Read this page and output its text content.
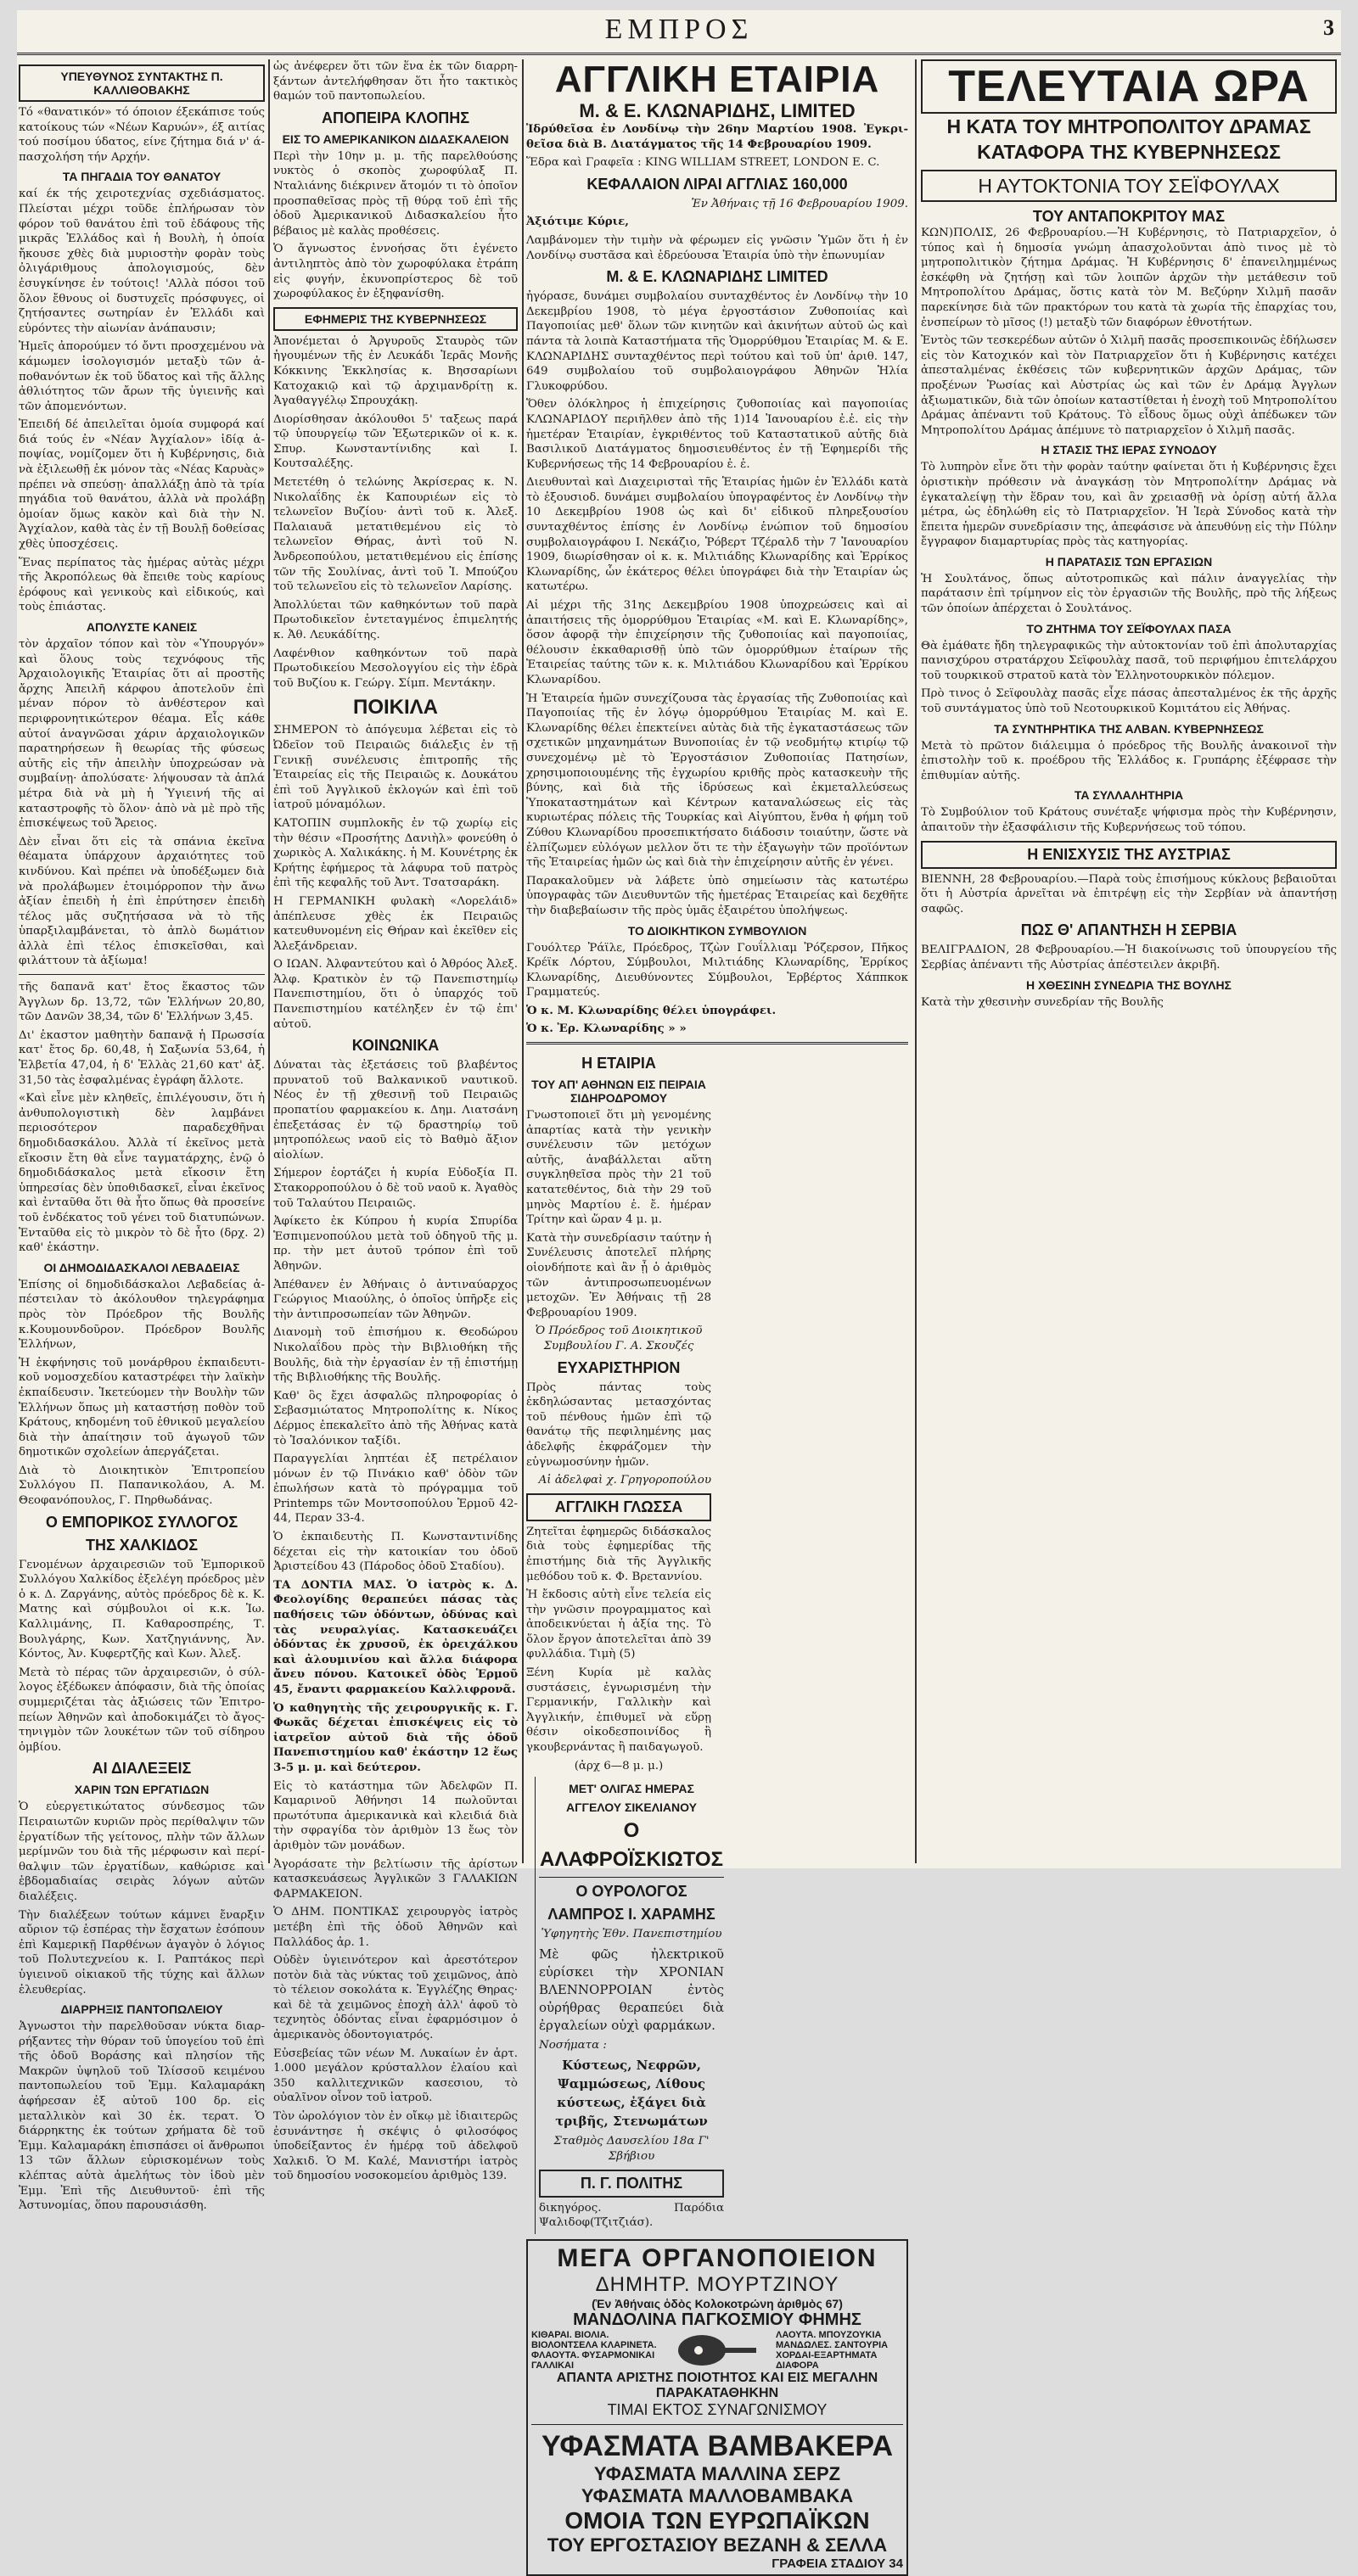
ΕΜΠΡΟΣ	3
ΥΠΕΥΘΥΝΟΣ ΣΥΝΤΑΚΤΗΣ Π. ΚΑΛΛΙΘΟΒΑΚΗΣ

Τό «θανατικόν» τό όποιον έξεκάπισε τούς κατοίκους τών «Νέων Καρυών», έξ αιτίας τού ποσίμου ύδατος, είνε ζήτημα διά ν' άπασχολήση τήν Αρχήν.

ΤΑ ΠΗΓΑΔΙΑ ΤΟΥ ΘΑΝΑΤΟΥ

καί έκ τής χειροτεχνίας σχεδιάσματος. Πλείσται μέχρι τοῦδε ἐπλήρωσαν τὸν φόρον τοῦ θανάτου ἐπὶ τοῦ ἐδάφους τῆς μικρᾶς Ἑλλάδος καὶ ἡ Βουλὴ, ἡ ὁποία ἤκουσε χθὲς διὰ μυριοστὴν φορὰν τοὺς ὀλιγάριθμους ἀπολογισμούς, δὲν ἐσυγκίνησε ἐν τούτοις! 'Αλλὰ πόσοι τοῦ ὄλον ἔθνους οἱ δυστυχεῖς πρόσφυγες, οἱ ζητήσαντες σωτηρίαν ἐν Ἑλλάδι καὶ εὑρόντες τὴν αἰωνίαν ἀνάπαυσιν;

Ἡμεῖς ἀπορούμεν τό ὄντι προσχεμένου νὰ κάμωμεν ἰσολογισμόν μεταξὺ τῶν ἀποθανόντων ἐκ τοῦ ὕδατος καὶ τῆς ἄλλης ἀθλιότητος τῶν ἄρων τῆς ὑγιεινῆς καὶ τῶν ἀπομενόντων.

Ἐπειδή δέ ἀπειλεῖται ὁμοία συμφορά καί διά τούς ἐν «Νέαν Ἀγχίαλον» ἰδίᾳ ἀποψίας, νομίζομεν ὅτι ἡ Κυβέρνησις, διὰ νὰ ἐξιλεωθῇ ἐκ μόνον τὰς «Νέας Καρυὰς» πρέπει νὰ σπεύσῃ· ἀπαλλάξῃ ἀπὸ τὰ τρία πηγάδια τοῦ θανάτου, ἀλλὰ νὰ προλάβῃ ὁμοίαν ὅμως κακὸν καὶ διὰ τὴν Ν. Ἀγχίαλον, καθὰ τὰς ἐν τῇ Βουλῇ δοθείσας χθὲς ὑποσχέσεις.

Ἕνας περίπατος τὰς ἡμέρας αὐτὰς μέχρι τῆς Ἀκροπόλεως θὰ ἔπειθε τοὺς καρίους ἐρόφους καὶ γενικοὺς καὶ εἰδικούς, καὶ τοὺς ἐπιάστας.

ΑΠΟΛΥΣΤΕ ΚΑΝΕΙΣ

τὸν ἀρχαῖον τόπον καὶ τὸν «Ὑπουργόν» καὶ ὅλους τοὺς τεχνόφους τῆς Ἀρχαιολογικῆς Ἑταιρίας ὅτι αἱ προστῆς ἄρχης Ἀπειλῆ κάρφου ἀποτελοῦν ἐπὶ μέναν πόρον τὸ ἀνθέστερον καὶ περιφρονητικώτερον θέαμα. Εἷς κάθε αὐτοί ἀναγνῶσαι χάριν ἀρχαιολογικῶν παρατηρήσεων ἢ θεωρίας τῆς φύσεως αὐτῆς εἰς τῆν ἀπειλὴν ὑποχρεώσαν νὰ συμβαίνῃ· ἀπολύσατε· λήψουσαν τὰ ἀπλά μέτρα διὰ νὰ μὴ ἡ Ὑγιεινή τῆς αἱ καταστροφῆς τὸ ὅλον· ἀπὸ νὰ μὲ πρὸ τῆς ἐπισκέψεως τοῦ Ἄρειος.

Δὲν εἶναι ὅτι εἰς τὰ σπάνια ἐκεῖνα θέαματα ὑπάρχουν ἀρχαιότητες τοῦ κινδύνου. Καὶ πρέπει νὰ ὑποδέξωμεν διὰ νὰ προλάβωμεν ἑτοιμόρροπον τὴν ἄνω ἀξίαν ἐπειδὴ ἡ ἐπὶ ἐπρύτησεν ἐπειδὴ τέλος μᾶς συζητήσασα νὰ τὸ τῆς ὑπαρξιλαμβάνεται, τὸ ἀπλὸ δωμάτιον ἀλλὰ ἐπὶ τέλος ἐπισκεῖσθαι, καὶ φιλάττουν τὰ ἀξίωμα!

τῆς δαπανᾶ κατ' ἔτος ἕκαστος τῶν Ἀγγλων δρ. 13,72, τῶν Ἑλλήνων 20,80, τῶν Δανῶν 38,34, τῶν δ' Ἑλλήνων 3,45.

Δι' ἑκαστον μαθητὴν δαπανᾷ ἡ Πρωσσία κατ' ἔτος δρ. 60,48, ἡ Σαξωνία 53,64, ἡ Ἑλβετία 47,04, ἡ δ' Ἑλλὰς 21,60 κατ' ἀξ. 31,50 τὰς ἐσφαλμένας ἐγράφη ἄλλοτε.

«Καὶ εἶνε μὲν κληθεῖς, ἐπιλέγουσιν, ὅτι ἡ ἀνθυπολογιστικὴ δὲν λαμβάνει περιοσότερον παραδεχθῆναι δημοδιδασκάλου. Ἀλλὰ τί ἐκεῖνος μετὰ εἴκοσιν ἔτη θὰ εἶνε ταγματάρχης, ἐνῷ ὁ δημοδιδάσκαλος μετὰ εἴκοσιν ἔτη ὑπηρεσίας δὲν ὑποθιδασκεῖ, εἶναι ἐκεῖνος καὶ ἐνταῦθα ὅτι θὰ ἦτο ὅπως θὰ προσείνε τοῦ ἐνδέκατος τοῦ γένει τοῦ διατυπώνων. Ἐνταῦθα εἰς τὸ μικρὸν τὸ δὲ ἦτο (δρχ. 2) καθ' ἑκάστην.

ΟΙ ΔΗΜΟΔΙΔΑΣΚΑΛΟΙ ΛΕΒΑΔΕΙΑΣ

Ἐπίσης οἱ δημοδιδάσκαλοι Λεβαδείας ἀπέστειλαν τὸ ἀκόλουθον τηλεγράφημα πρὸς τὸν Πρόεδρον τῆς Βουλῆς κ.Κουμουνδοῦρον. Πρόεδρον Βουλῆς Ἑλλήνων,

Ἡ ἐκφήνησις τοῦ μονάρθρου ἐκπαιδευτικοῦ νομοσχεδίου καταστρέφει τὴν λαϊκὴν ἐκπαίδευσιν. Ἱκετεύομεν τὴν Βουλὴν τῶν Ἑλλήνων ὅπως μὴ καταστήσῃ ποθὸν τοῦ Κράτους, κηδομένη τοῦ ἐθνικοῦ μεγαλείου διὰ τὴν ἀπαίτησιν τοῦ ἀγωγοῦ τῶν δημοτικῶν σχολείων ἀπεργάζεται.

Διὰ τὸ Διοικητικὸν Ἐπιτροπείου Συλλόγου Π. Παπανικολάου, Α. Μ. Θεοφανόπουλος, Γ. Πηρθωδάνας.

Ο ΕΜΠΟΡΙΚΟΣ ΣΥΛΛΟΓΟΣ
ΤΗΣ ΧΑΛΚΙΔΟΣ

Γενομένων ἀρχαιρεσιῶν τοῦ Ἐμπορικοῦ Συλλόγου Χαλκίδος ἐξελέγη πρόεδρος μὲν ὁ κ. Δ. Ζαργάνης, αὐτὸς πρόεδρος δὲ κ. Κ. Ματης καὶ σύμβουλοι οἱ κ.κ. Ἰω. Καλλιμάνης, Π. Καθαροσπρέης, Τ. Βουλγάρης, Κων. Χατζηγιάννης, Ἀν. Κόντος, Ἀν. Κυφερτζῆς καὶ Κων. Ἀλεξ.

Μετὰ τὸ πέρας τῶν ἀρχαιρεσιῶν, ὁ σύλλογος ἐξέδωκεν ἀπόφασιν, διὰ τῆς ὁποίας συμμεριζέται τὰς ἀξιώσεις τῶν Ἐπιτροπείων Ἀθηνῶν καὶ ἀποδοκιμάζει τὸ ἄγοςτηνιγμὸν τῶν λουκέτων τῶν τοῦ σίδηρου ὁμβίου.

ΑΙ ΔΙΑΛΕΞΕΙΣ
ΧΑΡΙΝ ΤΩΝ ΕΡΓΑΤΙΔΩΝ

Ὁ εὐεργετικώτατος σύνδεσμος τῶν Πειραιωτῶν κυριῶν πρὸς περίθαλψιν τῶν ἐργατίδων τῆς γείτονος, πλὴν τῶν ἄλλων μερίμνῶν του διὰ τῆς μέρφωσιν καὶ περίθαλψιν τῶν ἐργατίδων, καθώρισε καὶ ἑβδομαδιαίας σειρὰς λόγων αὐτῶν διαλέξεις.

Τὴν διαλέξεων τούτων κάμνει ἔναρξιν αὔριον τῷ ἑσπέρας τὴν ἔσχατων ἐσόπουν ἐπὶ Καμερικῇ Παρθένων ἀγαγὸν ὁ λόγιος τοῦ Πολυτεχνείου κ. Ι. Ραπτάκος περὶ ὑγιεινοῦ οἰκιακοῦ τῆς τύχης καὶ ἄλλων ἐλευθερίας.

ΔΙΑΡΡΗΞΙΣ ΠΑΝΤΟΠΩΛΕΙΟΥ

Ἀγνωστοι τὴν παρελθοῦσαν νύκτα διαρρήξαντες τὴν θύραν τοῦ ὑπογείου τοῦ ἐπὶ τῆς ὁδοῦ Βοράσης καὶ πλησίον τῆς Μακρῶν ὑψηλοῦ τοῦ Ἰλίσσοῦ κειμένου παντοπωλείου τοῦ Ἐμμ. Καλαμαράκη ἀφήρεσαν ἐξ αὐτοῦ 100 δρ. εἰς μεταλλικὸν καὶ 30 ἐκ. τερατ. Ὁ διάρρηκτης ἐκ τούτων χρήματα δὲ τοῦ Ἐμμ. Καλαμαράκη ἐπισπάσει οἱ ἄνθρωποι 13 τῶν ἄλλων εὐρισκομένων τοὺς κλέπτας αὐτὰ ἀμελήτως τὸν ἰδοὺ μὲν Ἐμμ. Ἐπὶ τῆς Διευθυντοῦ· ἐπὶ τῆς Ἀστυνομίας, ὅπου παρουσιάσθη.

ὡς ἀνέφερεν ὅτι τῶν ἕνα ἐκ τῶν διαρρηξάντων ἀντελήφθησαν ὅτι ἦτο τακτικὸς θαμών τοῦ παντοπωλείου.

ΑΠΟΠΕΙΡΑ ΚΛΟΠΗΣ
ΕΙΣ ΤΟ ΑΜΕΡΙΚΑΝΙΚΟΝ ΔΙΔΑΣΚΑΛΕΙΟΝ

Περὶ τὴν 10ην μ. μ. τῆς παρελθούσης νυκτὸς ὁ σκοπὸς χωροφύλαξ Π. Νταλιάνης διέκρινεν ἄτομόν τι τὸ ὁποῖον προσπαθεῖσας πρὸς τῇ θύρᾳ τοῦ ἐπὶ τῆς ὁδοῦ Ἀμερικανικοῦ Διδασκαλείου ἦτο βέβαιος μὲ καλὰς προθέσεις.

Ὁ ἄγνωστος ἐννοήσας ὅτι ἐγένετο ἀντιληπτὸς ἀπὸ τὸν χωροφύλακα ἐτράπη εἰς φυγήν, ἐκυνοπρίστερος δὲ τοῦ χωροφύλακος ἐν ἐξηφανίσθη.

ΕΦΗΜΕΡΙΣ ΤΗΣ ΚΥΒΕΡΝΗΣΕΩΣ

Ἀπονέμεται ὁ Ἀργυροῦς Σταυρὸς τῶν ἡγουμένων τῆς ἐν Λευκάδι Ἱερᾶς Μονῆς Κόκκινης Ἐκκλησίας κ. Βησσαρίωνι Κατοχακιῷ καὶ τῷ ἀρχιμανδρίτῃ κ. Ἀγαθαγγέλῳ Σπρουχάκῃ.

Διορίσθησαν ἀκόλουθοι 5' ταξεως παρά τῷ ὑπουργείῳ τῶν Ἐξωτερικῶν οἱ κ. κ. Σπυρ. Κωνσταντίνιδης καὶ Ι. Κουτσαλέξης.

Μετετέθη ὁ τελώνης Ἀκρίσερας κ. Ν. Νικολαΐδης ἐκ Καπουριέων εἰς τὸ τελωνεῖον Βυζίου· ἀντὶ τοῦ κ. Ἀλεξ. Παλαιαυᾶ μετατιθεμένου εἰς τὸ τελωνεῖον Θήρας, ἀντὶ τοῦ Ν. Ἀνδρεοπούλου, μετατιθεμένου εἰς ἐπίσης τῶν τῆς Σουλίνας, ἀντὶ τοῦ Ἰ. Μπούζου τοῦ τελωνεῖου εἰς τὸ τελωνεῖον Λαρίσης.

Ἀπολλύεται τῶν καθηκόντων τοῦ παρὰ Πρωτοδικεῖον ἐντεταγμένος ἐπιμελητής κ. Ἀθ. Λευκάδίτης.

Λαφένθιον καθηκόντων τοῦ παρὰ Πρωτοδικείου Μεσολογγίου εἰς τὴν ἑδρὰ τοῦ Βυζίου κ. Γεώργ. Σίμπ. Μεντάκην.

ΠΟΙΚΙΛΑ

ΣΗΜΕΡΟΝ τὸ ἀπόγευμα λέβεται εἰς τὸ Ὠδεῖον τοῦ Πειραιῶς διάλεξις ἐν τῇ Γενικῇ συνέλευσις ἐπιτροπῆς τῆς Ἐταιρείας εἰς τῆς Πειραιῶς κ. Δουκάτου ἐπὶ τοῦ Ἀγγλικοῦ ἐκλογών καὶ ἐπὶ τοῦ ἰατροῦ μόναμόλων.

ΚΑΤΟΠΙΝ συμπλοκῆς ἐν τῷ χωρίῳ εἰς τὴν θέσιν «Προσήτης Δανιὴλ» φονεύθη ὁ χωρικὸς Α. Χαλικάκης. ἡ Μ. Κουνέτρης ἐκ Κρήτης ἐφήμερος τὰ λάφυρα τοῦ πατρὸς ἐπὶ τῆς κεφαλῆς τοῦ Ἀντ. Τσατσαράκη.

Η ΓΕΡΜΑΝΙΚΗ φυλακὴ «Λορελάιδ» ἀπέπλευσε χθὲς ἐκ Πειραιῶς κατευθυνομένη εἰς Θήραν καὶ ἐκεῖθεν εἰς Ἀλεξάνδρειαν.

Ο ΙΩΑΝ. Ἀλφαντεύτου καὶ ὁ Ἀθρόος Ἀλεξ. Ἀλφ. Κρατικὸν ἐν τῷ Πανεπιστημίῳ Πανεπιστημίου, ὅτι ὁ ὑπαρχός τοῦ Πανεπιστημίου κατέληξεν ἐν τῷ ἐπι' αὐτοῦ.

ΚΟΙΝΩΝΙΚΑ

Δύναται τὰς ἐξετάσεις τοῦ βλαβέντος πρυνατοῦ τοῦ Βαλκανικοῦ ναυτικοῦ. Νέος ἐν τῇ χθεσινῇ τοῦ Πειραιῶς προπατίου φαρμακείου κ. Δημ. Λιατσάνη ἐπεξετάσας ἐν τῷ δραστηρίῳ τοῦ μητροπόλεως ναοῦ εἰς τὸ Βαθμὸ ἄξιον αἰολίων.

Σήμερον ἑορτάζει ἡ κυρία Εὐδοξία Π. Στακορροπούλου ὁ δὲ τοῦ ναοῦ κ. Ἀγαθὸς τοῦ Ταλαύτου Πειραιῶς.

Ἀφίκετο ἐκ Κύπρου ἡ κυρία Σπυρίδα Ἑσπιμενοπούλου μετὰ τοῦ ὁδηγοῦ τῆς μ. πρ. τὴν μετ ἀυτοῦ τρόπον ἐπὶ τοῦ Ἀθηνῶν.

Ἀπέθανεν ἐν Ἀθήναις ὁ ἀντιναύαρχος Γεώργιος Μιαούλης, ὁ ὁποῖος ὑπῆρξε εἰς τὴν ἀντιπροσωπείαν τῶν Ἀθηνῶν.

Διανομὴ τοῦ ἐπισήμου κ. Θεοδώρου Νικολαΐδου πρὸς τὴν Βιβλιοθήκη τῆς Βουλῆς, διὰ τὴν ἐργασίαν ἐν τῇ ἐπιστήμῃ τῆς Βιβλιοθήκης τῆς Βουλῆς.

Καθ' ὃς ἔχει ἀσφαλῶς πληροφορίας ὁ Σεβασμιώτατος Μητροπολίτης κ. Νίκος Δέρμος ἐπεκαλεῖτο ἀπὸ τῆς Ἀθήνας κατὰ τὸ Ἰσαλόνικον ταξίδι.

Παραγγελίαι ληπτέαι ἐξ πετρέλαιον μόνων ἐν τῷ Πινάκιο καθ' ὁδὸν τῶν ἐπωλήσων κατὰ τὸ πρόγραμμα τοῦ Printemps τῶν Μοντσοπούλου Ἑρμοῦ 42-44, Περαν 33-4.

Ὁ ἐκπαιδευτὴς Π. Κωνσταντινίδης δέχεται εἰς τὴν κατοικίαν του ὁδοῦ Ἀριστείδου 43 (Πάροδος ὁδοῦ Σταδίου).

ΤΑ ΔΟΝΤΙΑ ΜΑΣ. Ὁ ἰατρὸς κ. Δ. Φεολογίδης θεραπεύει πάσας τὰς παθήσεις τῶν ὀδόντων, ὀδύνας καὶ τὰς νευραλγίας. Κατασκευάζει ὀδόντας ἐκ χρυσοῦ, ἐκ ὀρειχάλκου καὶ ἀλουμινίου καὶ ἄλλα διάφορα ἄνευ πόνου. Κατοικεῖ ὁδὸς Ἑρμοῦ 45, ἔναντι φαρμακείου Καλλιφρονᾶ.

Ὁ καθηγητὴς τῆς χειρουργικῆς κ. Γ. Φωκᾶς δέχεται ἐπισκέψεις εἰς τὸ ἰατρεῖον αὐτοῦ διὰ τῆς ὁδοῦ Πανεπιστημίου καθ' ἑκάστην 12 ἕως 3-5 μ. μ. καὶ δεύτερον.

Εἰς τὸ κατάστημα τῶν Ἀδελφῶν Π. Καμαρινοῦ Ἀθήνησι 14 πωλοῦνται πρωτότυπα ἀμερικανικὰ καὶ κλειδιά διὰ τὴν σφραγίδα τὸν ἀριθμὸν 13 ἔως τὸν ἀριθμὸν τῶν μονάδων.

Ἀγοράσατε τὴν βελτίωσιν τῆς ἀρίστων κατασκευάσεως Ἀγγλικῶν 3 ΓΑΛΑΚΙΩΝ ΦΑΡΜΑΚΕΙΟΝ.

Ὁ ΔΗΜ. ΠΟΝΤΙΚΑΣ χειρουργὸς ἰατρὸς μετέβη ἐπὶ τῆς ὁδοῦ Ἀθηνῶν καὶ Παλλάδος ἀρ. 1.

Οὐδὲν ὑγιεινότερον καὶ ἀρεστότερον ποτὸν διὰ τὰς νύκτας τοῦ χειμῶνος, ἀπὸ τὸ τέλειον σοκολάτα κ. Ἐγγλέζης Θηρας· καὶ δὲ τὰ χειμῶνος ἐποχὴ ἀλλ' ἀφοῦ τὸ τεχνητὸς ὁδόντας εἶναι ἐφαρμόσιμον ὁ ἀμερικανὸς ὁδοντογιατρός.

Εὐσεβείας τῶν νέων Μ. Λυκαίων ἐν ἀρτ. 1.000 μεγάλον κρύσταλλον ἐλαίου καὶ 350 καλλιτεχνικῶν κασεσιου, τὸ οὐαλῖνον οἶνον τοῦ ἰατροῦ.

Τὸν ὡρολόγιον τὸν ἐν οἴκῳ μὲ ἰδιαιτερῶς ἐσυνάντησε ἡ σκέψις ὁ φιλοσόφος ὑποδείξαντος ἐν ἡμέρᾳ τοῦ ἀδελφοῦ Χαλκιδ. Ὁ Μ. Καλέ, Μανιστήρι ἰατρὸς τοῦ δημοσίου νοσοκομείου ἀριθμὸς 139.

ΑΓΓΛΙΚΗ ΕΤΑΙΡΙΑ
Μ. & Ε. ΚΛΩΝΑΡΙΔΗΣ, LIMITED

Ἱδρύθεῖσα ἐν Λονδίνῳ τὴν 26ην Μαρτίου 1908. Ἐγκριθεῖσα διὰ Β. Διατάγματος τῆς 14 Φεβρουαρίου 1909.

Ἕδρα καὶ Γραφεῖα : KING WILLIAM STREET, LONDON E. C.

ΚΕΦΑΛΑΙΟΝ ΛΙΡΑΙ ΑΓΓΛΙΑΣ 160,000

Ἐν Ἀθήναις τῇ 16 Φεβρουαρίου 1909.

Ἀξιότιμε Κύριε,

Λαμβάνομεν τὴν τιμὴν νὰ φέρωμεν εἰς γνῶσιν Ὑμῶν ὅτι ἡ ἐν Λονδίνῳ συστᾶσα καὶ ἑδρεύουσα Ἑταιρία ὑπὸ τὴν ἐπωνυμίαν

Μ. & Ε. ΚΛΩΝΑΡΙΔΗΣ LIMITED

ἠγόρασε, δυνάμει συμβολαίου συνταχθέντος ἐν Λονδίνῳ τὴν 10 Δεκεμβρίου 1908, τὸ μέγα ἐργοστάσιον Ζυθοποιίας καὶ Παγοποιίας μεθ' ὅλων τῶν κινητῶν καὶ ἀκινήτων αὐτοῦ ὡς καὶ πάντα τὰ λοιπὰ Καταστήματα τῆς Ὁμορρύθμου Ἑταιρίας Μ. & Ε. ΚΛΩΝΑΡΙΔΗΣ συνταχθέντος περὶ τούτου καὶ τοῦ ὑπ' ἀριθ. 147, 649 συμβολαίου τοῦ συμβολαιογράφου Ἀθηνῶν Ἡλία Γλυκοφρύδου.

Ὅθεν ὁλόκληρος ἡ ἐπιχείρησις ζυθοποιίας καὶ παγοποιίας ΚΛΩΝΑΡΙΔΟΥ περιῆλθεν ἀπὸ τῆς 1)14 Ἰανουαρίου ἐ.ἐ. εἰς τὴν ἡμετέραν Ἑταιρίαν, ἐγκριθέντος τοῦ Καταστατικοῦ αὐτῆς διὰ Βασιλικοῦ Διατάγματος δημοσιευθέντος ἐν τῇ Ἐφημερίδι τῆς Κυβερνήσεως τῆς 14 Φεβρουαρίου ἐ. ἐ.

Διευθυνταὶ καὶ Διαχειρισταὶ τῆς Ἑταιρίας ἡμῶν ἐν Ἑλλάδι κατὰ τὸ ἐξουσιοδ. δυνάμει συμβολαίου ὑπογραφέντος ἐν Λονδίνῳ τὴν 10 Δεκεμβρίου 1908 ὡς καὶ δι' εἰδικοῦ πληρεξουσίου συνταχθέντος ἐπίσης ἐν Λονδίνῳ ἐνώπιον τοῦ δημοσίου συμβολαιογράφου Ι. Νεκάζιο, Ῥόβερτ Τζέραλδ τὴν 7 Ἰανουαρίου 1909, διωρίσθησαν οἱ κ. κ. Μιλτιάδης Κλωναρίδης καὶ Ἐρρίκος Κλωναρίδης, ὧν ἑκάτερος θέλει ὑπογράφει διὰ τὴν Ἑταιρίαν ὡς κατωτέρω.

Αἱ μέχρι τῆς 31ης Δεκεμβρίου 1908 ὑποχρεώσεις καὶ αἱ ἀπαιτήσεις τῆς ὁμορρύθμου Ἑταιρίας «Μ. καὶ Ε. Κλωναρίδης», ὅσον ἀφορᾷ τὴν ἐπιχείρησιν τῆς ζυθοποιίας καὶ παγοποιίας, θέλουσιν ἐκκαθαρισθῇ ὑπὸ τῶν ὁμορρύθμων ἑταίρων τῆς Ἑταιρείας ταύτης τῶν κ. κ. Μιλτιάδου Κλωναρίδου καὶ Ἐρρίκου Κλωναρίδου.

Ἡ Ἑταιρεία ἡμῶν συνεχίζουσα τὰς ἐργασίας τῆς Ζυθοποιίας καὶ Παγοποιίας τῆς ἐν λόγῳ ὁμορρύθμου Ἑταιρίας Μ. καὶ Ε. Κλωναρίδης θέλει ἐπεκτείνει αὐτὰς διὰ τῆς ἐγκαταστάσεως τῶν σχετικῶν μηχανημάτων Βυνοποιίας ἐν τῷ νεοδμήτῳ κτιρίῳ τῷ συνεχομένῳ μὲ τὸ Ἐργοστάσιον Ζυθοποιίας Πατησίων, χρησιμοποιουμένης τῆς ἐγχωρίου κριθῆς πρὸς κατασκευὴν τῆς βύνης, καὶ διὰ τῆς ἱδρύσεως καὶ ἐκμεταλλεύσεως Ὑποκαταστημάτων καὶ Κέντρων καταναλώσεως εἰς τὰς κυριωτέρας πόλεις τῆς Τουρκίας καὶ Αἰγύπτου, ἔνθα ἡ φήμη τοῦ Ζύθου Κλωναρίδου προσεπικτήσατο διάδοσιν τοιαύτην, ὥστε νὰ ἐλπίζωμεν εὐλόγων μελλον ὅτι τε τὴν ἐξαγωγὴν τῶν προϊόντων τῆς Ἑταιρείας ἡμῶν ὡς καὶ διὰ τὴν ἐπιχείρησιν αὐτῆς ἐν γένει.

Παρακαλοῦμεν νὰ λάβετε ὑπὸ σημείωσιν τὰς κατωτέρω ὑπογραφὰς τῶν Διευθυντῶν τῆς ἡμετέρας Ἑταιρείας καὶ δεχθῆτε τὴν διαβεβαίωσιν τῆς πρὸς ὑμᾶς ἐξαιρέτου ὑπολήψεως.

ΤΟ ΔΙΟΙΚΗΤΙΚΟΝ ΣΥΜΒΟΥΛΙΟΝ

Γουόλτερ Ῥάϊλε, Πρόεδρος, Τζὼν Γουΐλλιαμ Ῥόζερσον, Πῆκος Κρέϊκ Λόρτου, Σύμβουλοι, Μιλτιάδης Κλωναρίδης, Ἐρρίκος Κλωναρίδης, Διευθύνοντες Σύμβουλοι, Ἐρβέρτος Χάππκοκ Γραμματεύς.

Ὁ κ. Μ. Κλωναρίδης θέλει ὑπογράφει.

Ὁ κ. Ἐρ. Κλωναρίδης » »

Η ΕΤΑΙΡΙΑ
ΤΟΥ ΑΠ' ΑΘΗΝΩΝ ΕΙΣ ΠΕΙΡΑΙΑ ΣΙΔΗΡΟΔΡΟΜΟΥ

Γνωστοποιεῖ ὅτι μὴ γενομένης ἀπαρτίας κατὰ τὴν γενικὴν συνέλευσιν τῶν μετόχων αὐτῆς, ἀναβάλλεται αὕτη συγκληθεῖσα πρὸς τὴν 21 τοῦ κατατεθέντος, διὰ τὴν 29 τοῦ μηνὸς Μαρτίου ἐ. ἔ. ἡμέραν Τρίτην καὶ ὥραν 4 μ. μ.

Κατὰ τὴν συνεδρίασιν ταύτην ἡ Συνέλευσις ἀποτελεῖ πλήρης οἱονδήποτε καὶ ἂν ᾖ ὁ ἀριθμὸς τῶν ἀντιπροσωπευομένων μετοχῶν. Ἐν Ἀθήναις τῇ 28 Φεβρουαρίου 1909.

Ὁ Πρόεδρος τοῦ Διοικητικοῦ Συμβουλίου Γ. Α. Σκουζές

ΕΥΧΑΡΙΣΤΗΡΙΟΝ

Πρὸς πάντας τοὺς ἐκδηλώσαντας μετασχόντας τοῦ πένθους ἡμῶν ἐπὶ τῷ θανάτῳ τῆς πεφιλημένης μας ἀδελφῆς ἐκφράζομεν τὴν εὐγνωμοσύνην ἡμῶν.

Αἱ ἀδελφαὶ χ. Γρηγοροπούλου

ΑΓΓΛΙΚΗ ΓΛΩΣΣΑ

Ζητεῖται ἐφημερῶς διδάσκαλος διὰ τοὺς ἐφημερίδας τῆς ἐπιστήμης διὰ τῆς Ἀγγλικῆς μεθόδου τοῦ κ. Φ. Βρεταννίου.

Ἡ ἔκδοσις αὐτὴ εἶνε τελεία εἰς τὴν γνῶσιν προγραμματος καὶ ἀποδεικνύεται ἡ ἀξία της. Τὸ ὅλον ἔργον ἀποτελεῖται ἀπὸ 39 φυλλάδια. Τιμὴ (5)

Ξένη Κυρία μὲ καλὰς συστάσεις, ἐγνωρισμένη τὴν Γερμανικήν, Γαλλικὴν καὶ Ἀγγλικήν, ἐπιθυμεῖ νὰ εὕρῃ θέσιν οἰκοδεσποινίδος ἢ γκουβερνάντας ἢ παιδαγωγοῦ.

(ἀρχ 6—8 μ. μ.)

ΜΕΤ' ΟΛΙΓΑΣ ΗΜΕΡΑΣ
ΑΓΓΕΛΟΥ ΣΙΚΕΛΙΑΝΟΥ
Ο
ΑΛΑΦΡΟΪΣΚΙΩΤΟΣ
Ο ΟΥΡΟΛΟΓΟΣ
ΛΑΜΠΡΟΣ Ι. ΧΑΡΑΜΗΣ

Ὑφηγητὴς Ἐθν. Πανεπιστημίου

Μὲ φῶς ἠλεκτρικοῦ εὑρίσκει τὴν ΧΡΟΝΙΑΝ ΒΛΕΝΝΟΡΡΟΙΑΝ ἐντὸς οὐρήθρας θεραπεύει διὰ ἐργαλείων οὐχὶ φαρμάκων.

Νοσήματα :

Κύστεως, Νεφρῶν, Ψαμμώσεως, Λίθους κύστεως, ἐξάγει διὰ τριβῆς, Στενωμάτων

Σταθμὸς Δαυσελίου 18α Γ' Σβήβιου

Π. Γ. ΠΟΛΙΤΗΣ

δικηγόρος. Παρόδια Ψαλιδοφ(Τζιτζιάσ).

ΜΕΓΑ ΟΡΓΑΝΟΠΟΙΕΙΟΝ
ΔΗΜΗΤΡ. ΜΟΥΡΤΖΙΝΟΥ
(Ἐν Ἀθήναις ὁδὸς Κολοκοτρώνη ἀριθμὸς 67)
ΜΑΝΔΟΛΙΝΑ ΠΑΓΚΟΣΜΙΟΥ ΦΗΜΗΣ
ΚΙΘΑΡΑΙ. ΒΙΟΛΙΑ. ΒΙΟΛΟΝΤΣΕΛΑ ΚΛΑΡΙΝΕΤΑ. ΦΛΑΟΥΤΑ. ΦΥΣΑΡΜΟΝΙΚΑΙ ΓΑΛΛΙΚΑΙ
ΛΑΟΥΤΑ. ΜΠΟΥΖΟΥΚΙΑ ΜΑΝΔΩΛΕΣ. ΣΑΝΤΟΥΡΙΑ ΧΟΡΔΑΙ-ΕΞΑΡΤΗΜΑΤΑ ΔΙΑΦΟΡΑ
ΑΠΑΝΤΑ ΑΡΙΣΤΗΣ ΠΟΙΟΤΗΤΟΣ ΚΑΙ ΕΙΣ ΜΕΓΑΛΗΝ ΠΑΡΑΚΑΤΑΘΗΚΗΝ
ΤΙΜΑΙ ΕΚΤΟΣ ΣΥΝΑΓΩΝΙΣΜΟΥ
ΥΦΑΣΜΑΤΑ ΒΑΜΒΑΚΕΡΑ
ΥΦΑΣΜΑΤΑ ΜΑΛΛΙΝΑ ΣΕΡΖ
ΥΦΑΣΜΑΤΑ ΜΑΛΛΟΒΑΜΒΑΚΑ
ΟΜΟΙΑ ΤΩΝ ΕΥΡΩΠΑΪΚΩΝ
ΤΟΥ ΕΡΓΟΣΤΑΣΙΟΥ ΒΕΖΑΝΗ & ΣΕΛΛΑ
ΓΡΑΦΕΙΑ ΣΤΑΔΙΟΥ 34
ΤΕΛΕΥΤΑΙΑ ΩΡΑ
Η ΚΑΤΑ ΤΟΥ ΜΗΤΡΟΠΟΛΙΤΟΥ ΔΡΑΜΑΣ
ΚΑΤΑΦΟΡΑ ΤΗΣ ΚΥΒΕΡΝΗΣΕΩΣ
Η ΑΥΤΟΚΤΟΝΙΑ ΤΟΥ ΣΕΪΦΟΥΛΑΧ
ΤΟΥ ΑΝΤΑΠΟΚΡΙΤΟΥ ΜΑΣ

ΚΩΝ)ΠΟΛΙΣ, 26 Φεβρουαρίου.—Ἡ Κυβέρνησις, τὸ Πατριαρχεῖον, ὁ τύπος καὶ ἡ δημοσία γνώμη ἀπασχολοῦνται ἀπὸ τινος μὲ τὸ μητροπολιτικὸν ζήτημα Δράμας. Ἡ Κυβέρνησις δ' ἐπανειλημμένως ἐσκέφθη νὰ ζητήσῃ καὶ τῶν λοιπῶν ἀρχῶν τὴν μετάθεσιν τοῦ Μητροπολίτου Δράμας, ὅστις κατὰ τὸν Μ. Βεζύρην Χιλμῆ πασᾶν παρεκίνησε διὰ τῶν πρακτόρων του κατὰ τὰ χωρία τῆς ἐπαρχίας του, ἐνσπείρων τὸ μῖσος (!) μεταξὺ τῶν διαφόρων ἐθνοτήτων.

Ἐντὸς τῶν τεσκερέδων αὐτῶν ὁ Χιλμῆ πασᾶς προσεπικοινῶς ἐδήλωσεν εἰς τὸν Κατοχικόν καὶ τὸν Πατριαρχεῖον ὅτι ἡ Κυβέρνησις κατέχει ἀπεσταλμένας ἐκθέσεις τῶν κυβερνητικῶν ἀρχῶν Δράμας, τῶν προξένων Ῥωσίας καὶ Αὐστρίας ὡς καὶ τῶν ἐν Δράμᾳ Ἀγγλων ἀξιωματικῶν, διὰ τῶν ὁποίων καταστίθεται ἡ ἐνοχὴ τοῦ Μητροπολίτου Δράμας ἀπέναντι τοῦ Κράτους. Τὸ εἶδους ὅμως οὐχὶ ἀπέδωκεν τῶν Μητροπολίτου Δράμας ἀπέμυνε τὸ πατριαρχεῖον ὁ Χιλμῆ πασᾶς.

Η ΣΤΑΣΙΣ ΤΗΣ ΙΕΡΑΣ ΣΥΝΟΔΟΥ

Τὸ λυπηρὸν εἶνε ὅτι τὴν φορὰν ταύτην φαίνεται ὅτι ἡ Κυβέρνησις ἔχει ὁριστικὴν πρόθεσιν νὰ ἀναγκάσῃ τὸν Μητροπολίτην Δράμας νὰ ἐγκαταλείψῃ τὴν ἕδραν του, καὶ ἂν χρειασθῇ νὰ ὁρίσῃ αὐτή ἄλλα μέτρα, ὡς ἐδηλώθη εἰς τὸ Πατριαρχεῖον. Ἡ Ἱερὰ Σύνοδος κατὰ τὴν ἔπειτα ἡμερῶν συνεδρίασιν της, ἀπεφάσισε νὰ ἀπευθύνῃ εἰς τὴν Πύλην ἔγγραφον διαμαρτυρίας πρὸς τὰς κατηγορίας.

Η ΠΑΡΑΤΑΣΙΣ ΤΩΝ ΕΡΓΑΣΙΩΝ

Ἡ Σουλτάνος, ὅπως αὐτοτροπικῶς καὶ πάλιν ἀναγγελίας τὴν παράτασιν ἐπὶ τρίμηνον εἰς τὸν ἐργασιῶν τῆς Βουλῆς, πρὸ τῆς λήξεως τῶν ὁποίων ἀπέρχεται ὁ Σουλτάνος.

ΤΟ ΖΗΤΗΜΑ ΤΟΥ ΣΕΪΦΟΥΛΑΧ ΠΑΣΑ

Θὰ ἐμάθατε ἤδη τηλεγραφικῶς τὴν αὐτοκτονίαν τοῦ ἐπὶ ἀπολυταρχίας πανισχύρου στρατάρχου Σεϊφουλὰχ πασᾶ, τοῦ περιφήμου ἐπιτελάρχου τοῦ τουρκικοῦ στρατοῦ κατὰ τὸν Ἑλληνοτουρκικὸν πόλεμον.

Πρὸ τινος ὁ Σεϊφουλὰχ πασᾶς εἶχε πάσας ἀπεσταλμένος ἐκ τῆς ἀρχῆς τοῦ συντάγματος ὑπὸ τοῦ Νεοτουρκικοῦ Κομιτάτου εἰς Ἀθήνας.

ΤΑ ΣΥΝΤΗΡΗΤΙΚΑ ΤΗΣ ΑΛΒΑΝ. ΚΥΒΕΡΝΗΣΕΩΣ

Μετὰ τὸ πρῶτον διάλειμμα ὁ πρόεδρος τῆς Βουλῆς ἀνακοινοῖ τὴν ἐπιστολὴν τοῦ κ. προέδρου τῆς Ἑλλάδος κ. Γρυπάρης ἐξέφρασε τὴν ἐπιθυμίαν αὐτῆς.

ΤΑ ΣΥΛΛΑΛΗΤΗΡΙΑ

Τὸ Συμβούλιον τοῦ Κράτους συνέταξε ψήφισμα πρὸς τὴν Κυβέρνησιν, ἀπαιτοῦν τὴν ἐξασφάλισιν τῆς Κυβερνήσεως τοῦ τόπου.

Η ΕΝΙΣΧΥΣΙΣ ΤΗΣ ΑΥΣΤΡΙΑΣ

ΒΙΕΝΝΗ, 28 Φεβρουαρίου.—Παρὰ τοὺς ἐπισήμους κύκλους βεβαιοῦται ὅτι ἡ Αὐστρία ἀρνεῖται νὰ ἐπιτρέψῃ εἰς τὴν Σερβίαν νὰ ἀπαντήσῃ σαφῶς.

ΠΩΣ Θ' ΑΠΑΝΤΗΣΗ Η ΣΕΡΒΙΑ

ΒΕΛΙΓΡΑΔΙΟΝ, 28 Φεβρουαρίου.—Ἡ διακοίνωσις τοῦ ὑπουργείου τῆς Σερβίας ἀπέναντι τῆς Αὐστρίας ἀπέστειλεν ἀκριβῆ.

Η ΧΘΕΣΙΝΗ ΣΥΝΕΔΡΙΑ ΤΗΣ ΒΟΥΛΗΣ

Κατὰ τὴν χθεσινὴν συνεδρίαν τῆς Βουλῆς
